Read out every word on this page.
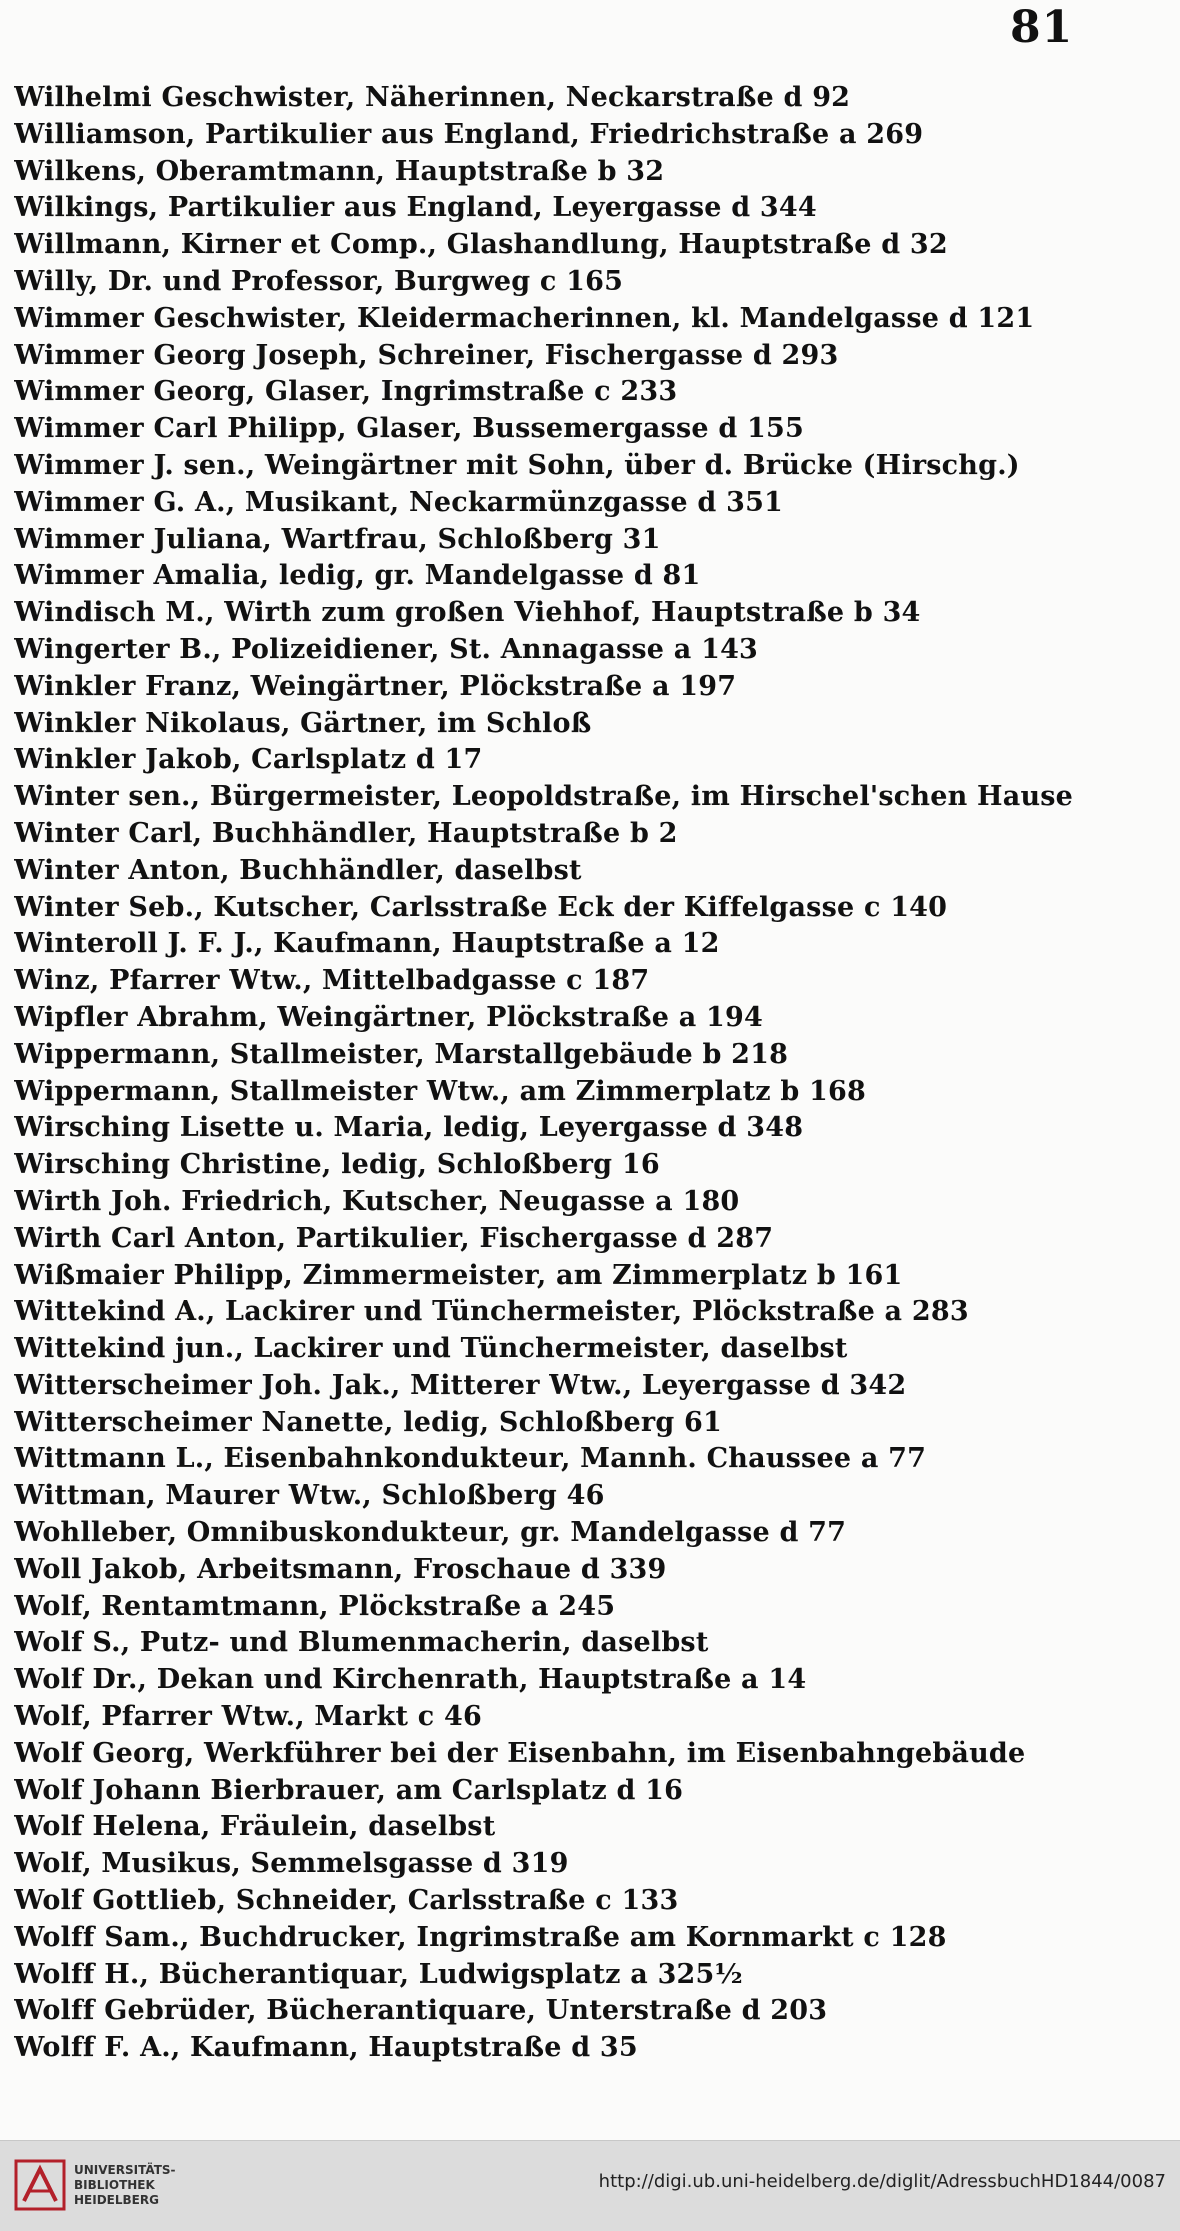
81
Wilhelmi Geschwister, Näherinnen, Neckarstraße d 92
Williamson, Partikulier aus England, Friedrichstraße a 269
Wilkens, Oberamtmann, Hauptstraße b 32
Wilkings, Partikulier aus England, Leyergasse d 344
Willmann, Kirner et Comp., Glashandlung, Hauptstraße d 32
Willy, Dr. und Professor, Burgweg c 165
Wimmer Geschwister, Kleidermacherinnen, kl. Mandelgasse d 121
Wimmer Georg Joseph, Schreiner, Fischergasse d 293
Wimmer Georg, Glaser, Ingrimstraße c 233
Wimmer Carl Philipp, Glaser, Bussemergasse d 155
Wimmer J. sen., Weingärtner mit Sohn, über d. Brücke (Hirschg.)
Wimmer G. A., Musikant, Neckarmünzgasse d 351
Wimmer Juliana, Wartfrau, Schloßberg 31
Wimmer Amalia, ledig, gr. Mandelgasse d 81
Windisch M., Wirth zum großen Viehhof, Hauptstraße b 34
Wingerter B., Polizeidiener, St. Annagasse a 143
Winkler Franz, Weingärtner, Plöckstraße a 197
Winkler Nikolaus, Gärtner, im Schloß
Winkler Jakob, Carlsplatz d 17
Winter sen., Bürgermeister, Leopoldstraße, im Hirschel'schen Hause
Winter Carl, Buchhändler, Hauptstraße b 2
Winter Anton, Buchhändler, daselbst
Winter Seb., Kutscher, Carlsstraße Eck der Kiffelgasse c 140
Winteroll J. F. J., Kaufmann, Hauptstraße a 12
Winz, Pfarrer Wtw., Mittelbadgasse c 187
Wipfler Abrahm, Weingärtner, Plöckstraße a 194
Wippermann, Stallmeister, Marstallgebäude b 218
Wippermann, Stallmeister Wtw., am Zimmerplatz b 168
Wirsching Lisette u. Maria, ledig, Leyergasse d 348
Wirsching Christine, ledig, Schloßberg 16
Wirth Joh. Friedrich, Kutscher, Neugasse a 180
Wirth Carl Anton, Partikulier, Fischergasse d 287
Wißmaier Philipp, Zimmermeister, am Zimmerplatz b 161
Wittekind A., Lackirer und Tünchermeister, Plöckstraße a 283
Wittekind jun., Lackirer und Tünchermeister, daselbst
Witterscheimer Joh. Jak., Mitterer Wtw., Leyergasse d 342
Witterscheimer Nanette, ledig, Schloßberg 61
Wittmann L., Eisenbahnkondukteur, Mannh. Chaussee a 77
Wittman, Maurer Wtw., Schloßberg 46
Wohlleber, Omnibuskondukteur, gr. Mandelgasse d 77
Woll Jakob, Arbeitsmann, Froschaue d 339
Wolf, Rentamtmann, Plöckstraße a 245
Wolf S., Putz- und Blumenmacherin, daselbst
Wolf Dr., Dekan und Kirchenrath, Hauptstraße a 14
Wolf, Pfarrer Wtw., Markt c 46
Wolf Georg, Werkführer bei der Eisenbahn, im Eisenbahngebäude
Wolf Johann Bierbrauer, am Carlsplatz d 16
Wolf Helena, Fräulein, daselbst
Wolf, Musikus, Semmelsgasse d 319
Wolf Gottlieb, Schneider, Carlsstraße c 133
Wolff Sam., Buchdrucker, Ingrimstraße am Kornmarkt c 128
Wolff H., Bücherantiquar, Ludwigsplatz a 325½
Wolff Gebrüder, Bücherantiquare, Unterstraße d 203
Wolff F. A., Kaufmann, Hauptstraße d 35
UNIVERSITÄTS-
BIBLIOTHEK
HEIDELBERG
http://digi.ub.uni-heidelberg.de/diglit/AdressbuchHD1844/0087
